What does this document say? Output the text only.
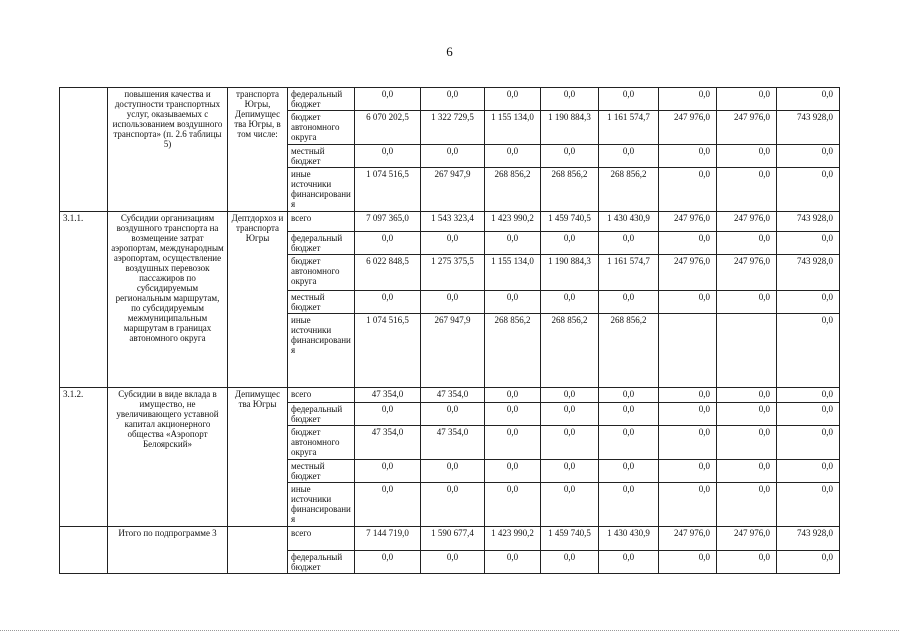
6
	повышения качества и доступности транспортных услуг, оказываемых с использованием воздушного транспорта» (п. 2.6 таблицы 5)	транспорта Югры, Депимущес тва Югры, в том числе:	федеральный бюджет	0,0	0,0	0,0	0,0	0,0	0,0	0,0	0,0
			бюджет автономного округа	6 070 202,5	1 322 729,5	1 155 134,0	1 190 884,3	1 161 574,7	247 976,0	247 976,0	743 928,0
			местный бюджет	0,0	0,0	0,0	0,0	0,0	0,0	0,0	0,0
			иные источники финансирования	1 074 516,5	267 947,9	268 856,2	268 856,2	268 856,2	0,0	0,0	0,0
3.1.1.	Субсидии организациям воздушного транспорта на возмещение затрат аэропортам, международным аэропортам, осуществление воздушных перевозок пассажиров по субсидируемым региональным маршрутам, по субсидируемым межмуниципальным маршрутам в границах автономного округа	Дептдорхоз и транспорта Югры	всего	7 097 365,0	1 543 323,4	1 423 990,2	1 459 740,5	1 430 430,9	247 976,0	247 976,0	743 928,0
			федеральный бюджет	0,0	0,0	0,0	0,0	0,0	0,0	0,0	0,0
			бюджет автономного округа	6 022 848,5	1 275 375,5	1 155 134,0	1 190 884,3	1 161 574,7	247 976,0	247 976,0	743 928,0
			местный бюджет	0,0	0,0	0,0	0,0	0,0	0,0	0,0	0,0
			иные источники финансирования	1 074 516,5	267 947,9	268 856,2	268 856,2	268 856,2			0,0
3.1.2.	Субсидии в виде вклада в имущество, не увеличивающего уставной капитал акционерного общества «Аэропорт Белоярский»	Депимущес тва Югры	всего	47 354,0	47 354,0	0,0	0,0	0,0	0,0	0,0	0,0
			федеральный бюджет	0,0	0,0	0,0	0,0	0,0	0,0	0,0	0,0
			бюджет автономного округа	47 354,0	47 354,0	0,0	0,0	0,0	0,0	0,0	0,0
			местный бюджет	0,0	0,0	0,0	0,0	0,0	0,0	0,0	0,0
			иные источники финансирования	0,0	0,0	0,0	0,0	0,0	0,0	0,0	0,0
	Итого по подпрограмме 3		всего	7 144 719,0	1 590 677,4	1 423 990,2	1 459 740,5	1 430 430,9	247 976,0	247 976,0	743 928,0
			федеральный бюджет	0,0	0,0	0,0	0,0	0,0	0,0	0,0	0,0
